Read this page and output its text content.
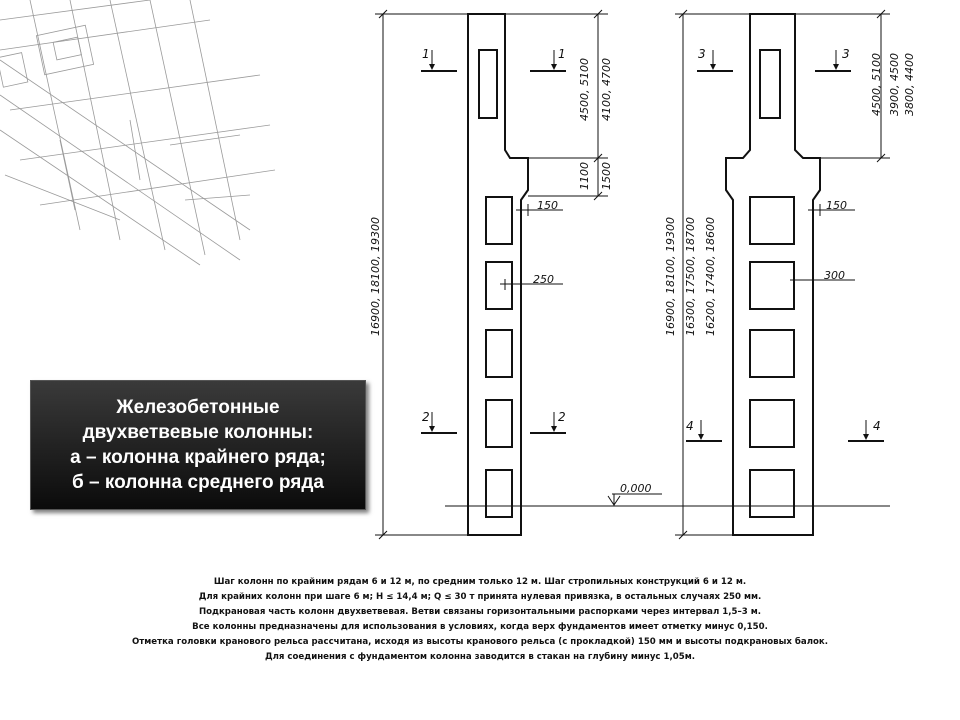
16900, 18100, 19300
4500, 5100 4100, 4700
1100 1500
150
250
1	1
2	2
0,000
16900, 18100, 19300 16300, 17500, 18700 16200, 17400, 18600
4500, 5100 3900, 4500 3800, 4400
150
300
3	3
4	4
Железобетонные
двухветвевые колонны:
а – колонна крайнего ряда;
б – колонна среднего ряда
Шаг колонн по крайним рядам 6 и 12 м, по средним только 12 м. Шаг стропильных конструкций 6 и 12 м.
Для крайних колонн при шаге 6 м; Н ≤ 14,4 м; Q ≤ 30 т принята нулевая привязка, в остальных случаях 250 мм.
Подкрановая часть колонн двухветвевая. Ветви связаны горизонтальными распорками через интервал 1,5–3 м.
Все колонны предназначены для использования в условиях, когда верх фундаментов имеет отметку минус 0,150.
Отметка головки кранового рельса рассчитана, исходя из высоты кранового рельса (с прокладкой) 150 мм и высоты подкрановых балок.
Для соединения с фундаментом колонна заводится в стакан на глубину минус 1,05м.
